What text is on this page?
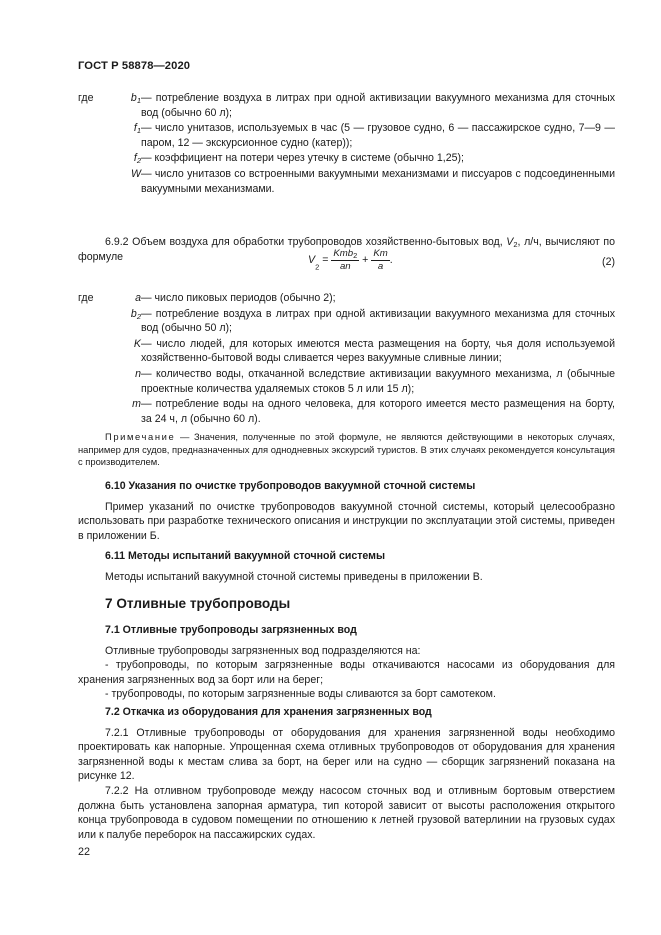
ГОСТ Р 58878—2020
где	$b_1$ — потребление воздуха в литрах при одной активизации вакуумного механизма для сточных вод (обычно 60 л);
$f_1$ — число унитазов, используемых в час (5 — грузовое судно, 6 — пассажирское судно, 7—9 — паром, 12 — экскурсионное судно (катер));
$f_2$ — коэффициент на потери через утечку в системе (обычно 1,25);
W — число унитазов со встроенными вакуумными механизмами и писсуаров с подсоединенными вакуумными механизмами.

6.9.2 Объем воздуха для обработки трубопроводов хозяйственно-бытовых вод, $V_2$, л/ч, вычисляют по формуле	$V_2 = \frac{Kmb_2}{an} + \frac{Km}{a}$ .	(2)
где	a — число пиковых периодов (обычно 2);
$b_2$ — потребление воздуха в литрах при одной активизации вакуумного механизма для сточных вод (обычно 50 л);
K — число людей, для которых имеются места размещения на борту, чья доля используемой хозяйственно-бытовой воды сливается через вакуумные сливные линии;
n — количество воды, откачанной вследствие активизации вакуумного механизма, л (обычные проектные количества удаляемых стоков 5 л или 15 л);
m — потребление воды на одного человека, для которого имеется место размещения на борту, за 24 ч, л (обычно 60 л).

Примечание — Значения, полученные по этой формуле, не являются действующими в некоторых случаях, например для судов, предназначенных для однодневных экскурсий туристов. В этих случаях рекомендуется консультация с производителем.

6.10 Указания по очистке трубопроводов вакуумной сточной системы

Пример указаний по очистке трубопроводов вакуумной сточной системы, который целесообразно использовать при разработке технического описания и инструкции по эксплуатации этой системы, приведен в приложении Б.

6.11 Методы испытаний вакуумной сточной системы

Методы испытаний вакуумной сточной системы приведены в приложении В.

7 Отливные трубопроводы

7.1 Отливные трубопроводы загрязненных вод

Отливные трубопроводы загрязненных вод подразделяются на:

- трубопроводы, по которым загрязненные воды откачиваются насосами из оборудования для хранения загрязненных вод за борт или на берег;

- трубопроводы, по которым загрязненные воды сливаются за борт самотеком.

7.2 Откачка из оборудования для хранения загрязненных вод

7.2.1 Отливные трубопроводы от оборудования для хранения загрязненной воды необходимо проектировать как напорные. Упрощенная схема отливных трубопроводов от оборудования для хранения загрязненной воды к местам слива за борт, на берег или на судно — сборщик загрязнений показана на рисунке 12.

7.2.2 На отливном трубопроводе между насосом сточных вод и отливным бортовым отверстием должна быть установлена запорная арматура, тип которой зависит от высоты расположения открытого конца трубопровода в судовом помещении по отношению к летней грузовой ватерлинии на грузовых судах или к палубе переборок на пассажирских судах.

22
